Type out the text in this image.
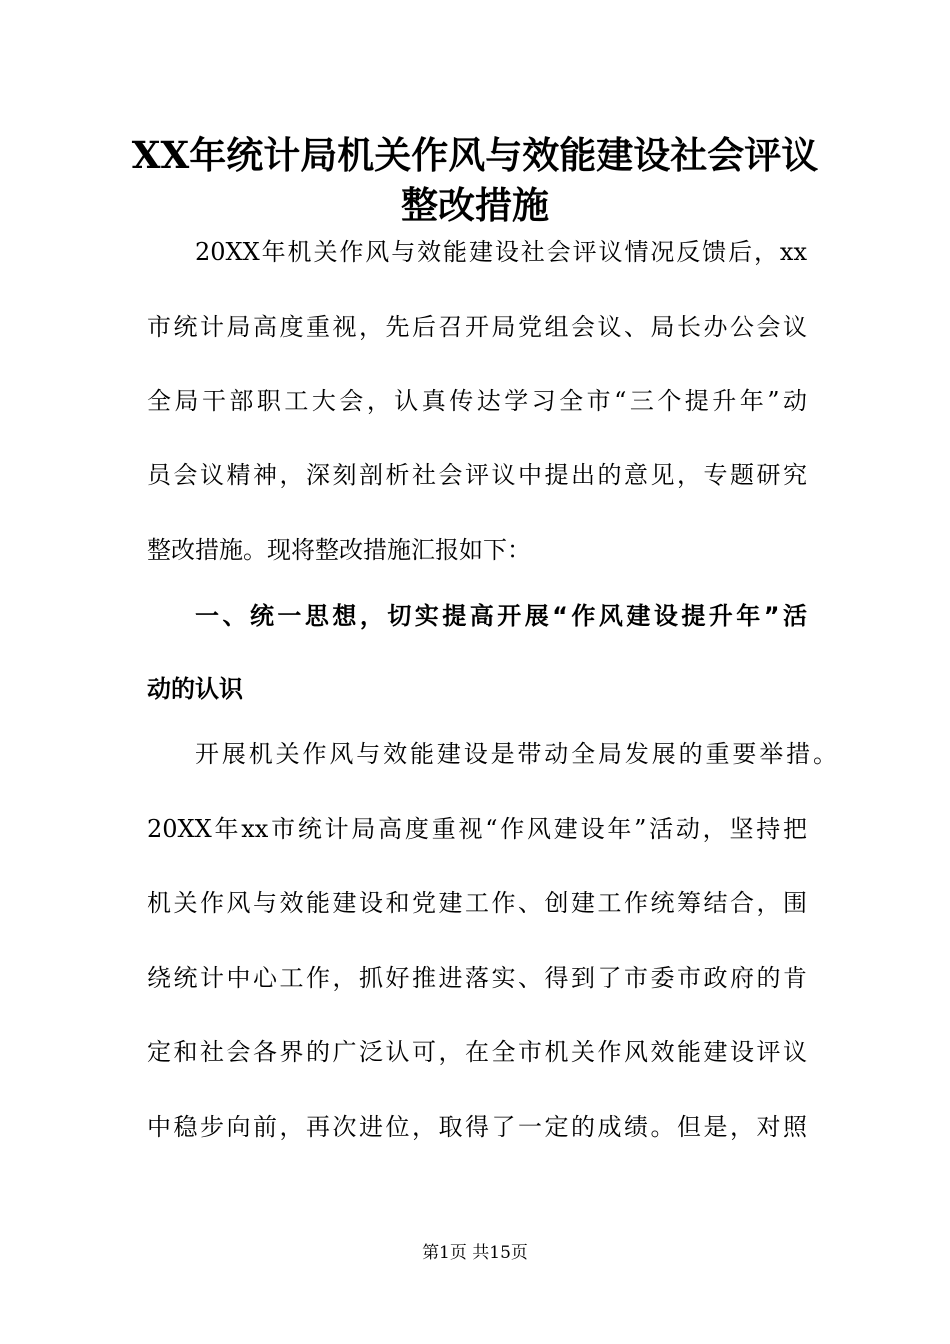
XX年统计局机关作风与效能建设社会评议
整改措施
20XX年机关作风与效能建设社会评议情况反馈后，xx
市统计局高度重视，先后召开局党组会议、局长办公会议
全局干部职工大会，认真传达学习全市“三个提升年”动
员会议精神，深刻剖析社会评议中提出的意见，专题研究
整改措施。现将整改措施汇报如下：
一、统一思想，切实提高开展“作风建设提升年”活
动的认识
开展机关作风与效能建设是带动全局发展的重要举措。
20XX年xx市统计局高度重视“作风建设年”活动，坚持把
机关作风与效能建设和党建工作、创建工作统筹结合，围
绕统计中心工作，抓好推进落实、得到了市委市政府的肯
定和社会各界的广泛认可，在全市机关作风效能建设评议
中稳步向前，再次进位，取得了一定的成绩。但是，对照
第1页 共15页
